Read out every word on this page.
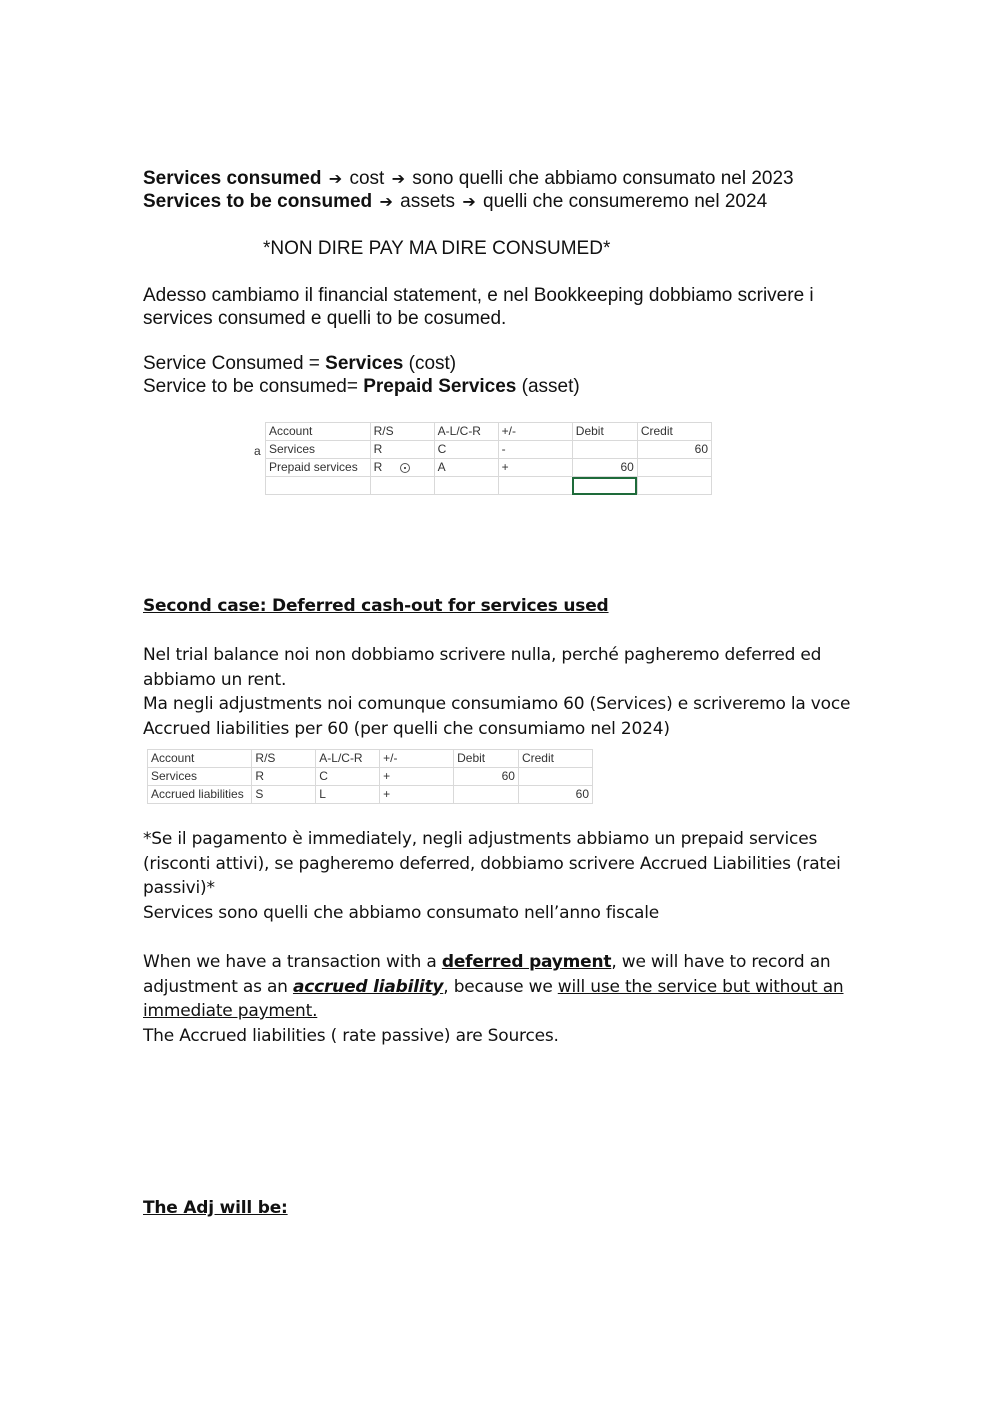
Services consumed ➔ cost ➔ sono quelli che abbiamo consumato nel 2023
Services to be consumed ➔ assets ➔ quelli che consumeremo nel 2024
*NON DIRE PAY MA DIRE CONSUMED*
Adesso cambiamo il financial statement, e nel Bookkeeping dobbiamo scrivere i
services consumed e quelli to be cosumed.
Service Consumed = Services (cost)
Service to be consumed= Prepaid Services (asset)
a
Account	R/S	A-L/C-R	+/-	Debit	Credit
Services	R	C	-		60
Prepaid services	R	A	+	60	

Second case: Deferred cash-out for services used
Nel trial balance noi non dobbiamo scrivere nulla, perché pagheremo deferred ed
abbiamo un rent.
Ma negli adjustments noi comunque consumiamo 60 (Services) e scriveremo la voce
Accrued liabilities per 60 (per quelli che consumiamo nel 2024)
Account	R/S	A-L/C-R	+/-	Debit	Credit
Services	R	C	+	60	
Accrued liabilities	S	L	+		60
*Se il pagamento è immediately, negli adjustments abbiamo un prepaid services
(risconti attivi), se pagheremo deferred, dobbiamo scrivere Accrued Liabilities (ratei
passivi)*
Services sono quelli che abbiamo consumato nell’anno fiscale
When we have a transaction with a deferred payment, we will have to record an
adjustment as an accrued liability, because we will use the service but without an
immediate payment.
The Accrued liabilities ( rate passive) are Sources.
The Adj will be:
